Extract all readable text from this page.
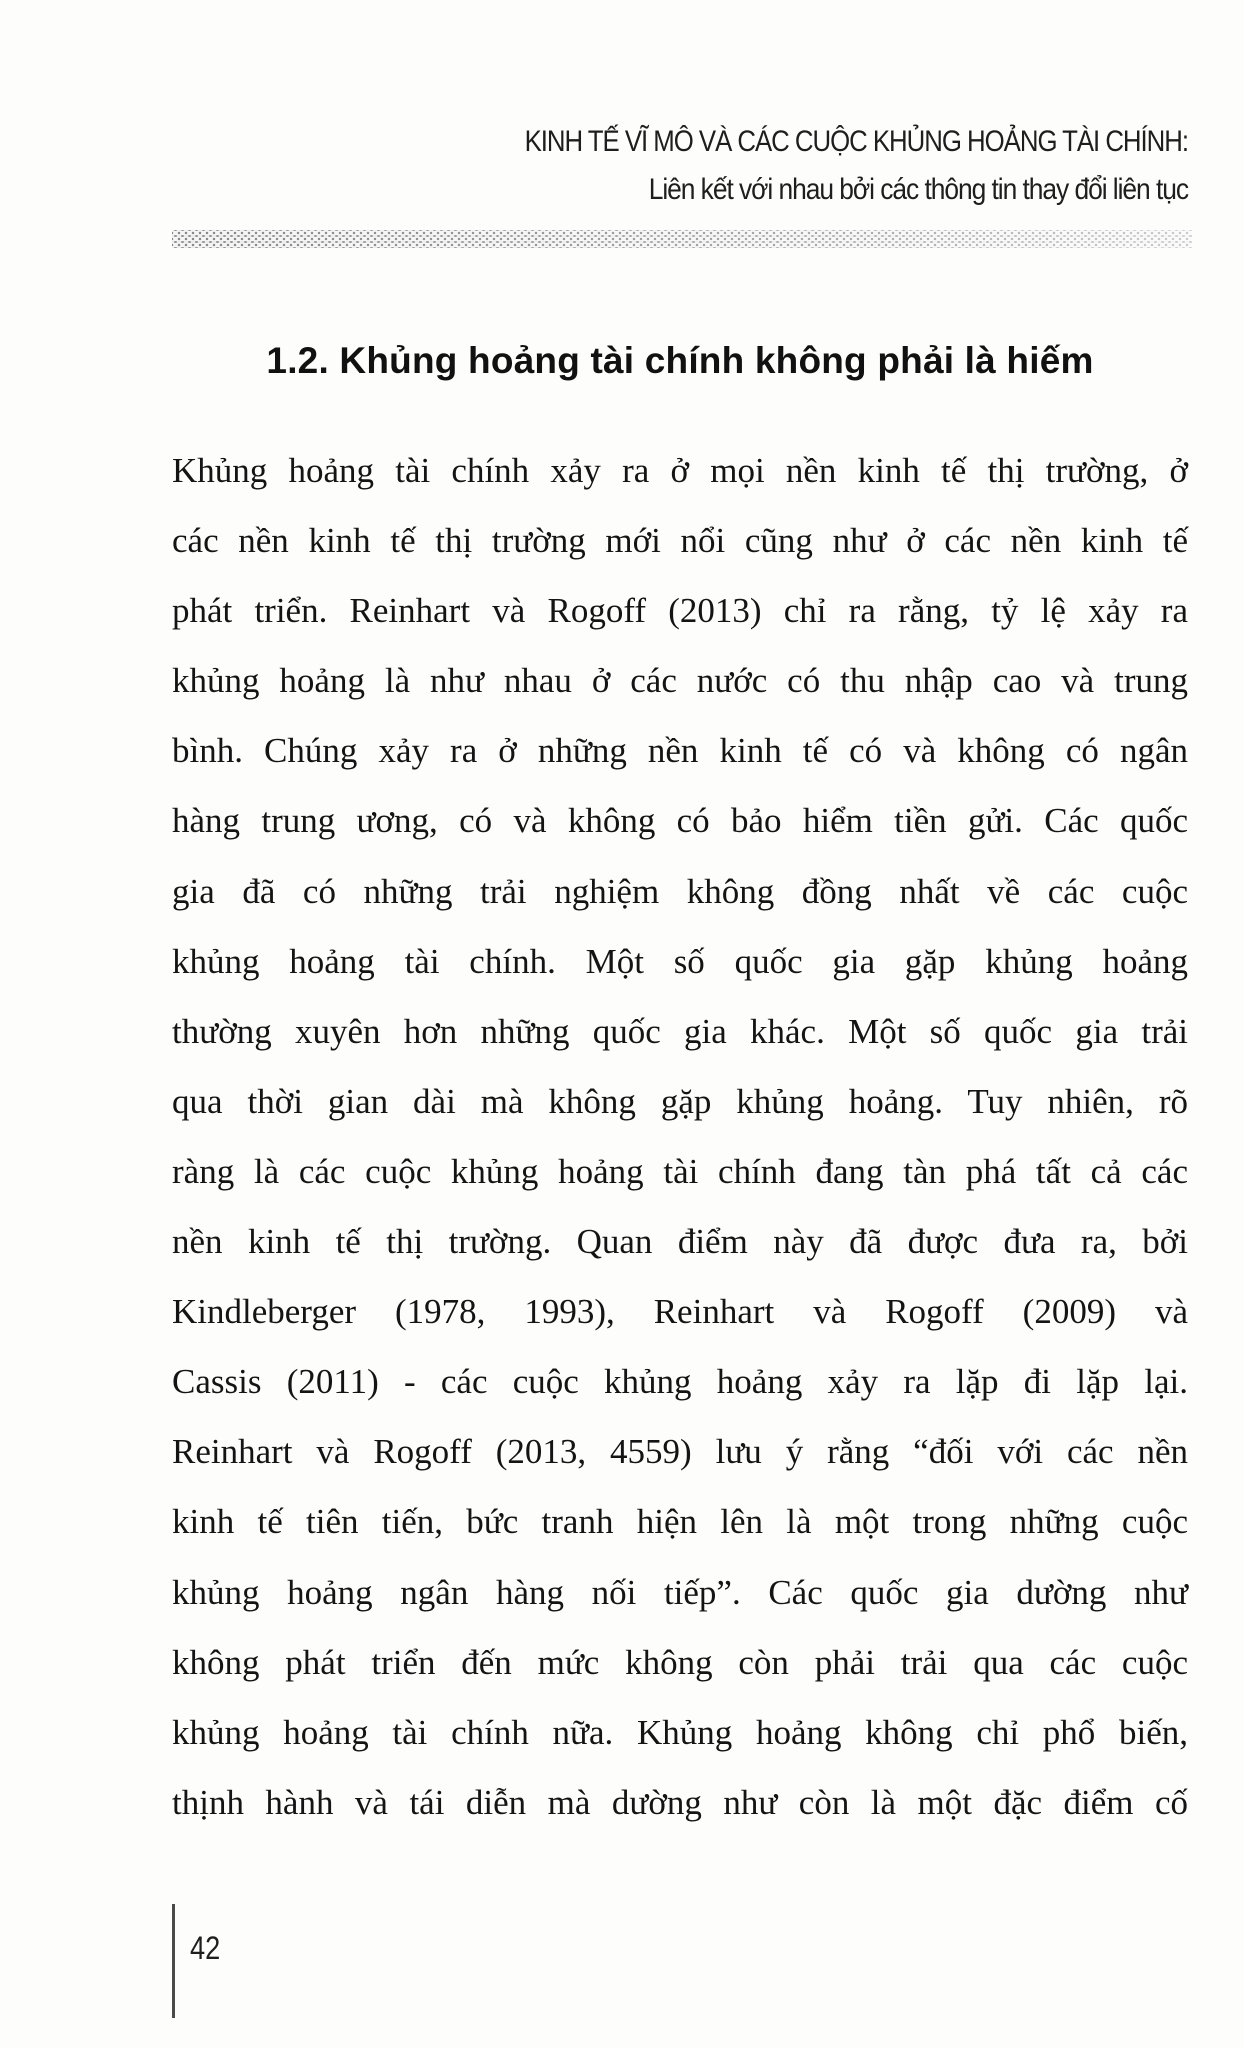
KINH TẾ VĨ MÔ VÀ CÁC CUỘC KHỦNG HOẢNG TÀI CHÍNH:
Liên kết với nhau bởi các thông tin thay đổi liên tục
1.2. Khủng hoảng tài chính không phải là hiếm
Khủng hoảng tài chính xảy ra ở mọi nền kinh tế thị trường, ở
các nền kinh tế thị trường mới nổi cũng như ở các nền kinh tế
phát triển. Reinhart và Rogoff (2013) chỉ ra rằng, tỷ lệ xảy ra
khủng hoảng là như nhau ở các nước có thu nhập cao và trung
bình. Chúng xảy ra ở những nền kinh tế có và không có ngân
hàng trung ương, có và không có bảo hiểm tiền gửi. Các quốc
gia đã có những trải nghiệm không đồng nhất về các cuộc
khủng hoảng tài chính. Một số quốc gia gặp khủng hoảng
thường xuyên hơn những quốc gia khác. Một số quốc gia trải
qua thời gian dài mà không gặp khủng hoảng. Tuy nhiên, rõ
ràng là các cuộc khủng hoảng tài chính đang tàn phá tất cả các
nền kinh tế thị trường. Quan điểm này đã được đưa ra, bởi
Kindleberger (1978, 1993), Reinhart và Rogoff (2009) và
Cassis (2011) - các cuộc khủng hoảng xảy ra lặp đi lặp lại.
Reinhart và Rogoff (2013, 4559) lưu ý rằng “đối với các nền
kinh tế tiên tiến, bức tranh hiện lên là một trong những cuộc
khủng hoảng ngân hàng nối tiếp”. Các quốc gia dường như
không phát triển đến mức không còn phải trải qua các cuộc
khủng hoảng tài chính nữa. Khủng hoảng không chỉ phổ biến,
thịnh hành và tái diễn mà dường như còn là một đặc điểm cố
42
